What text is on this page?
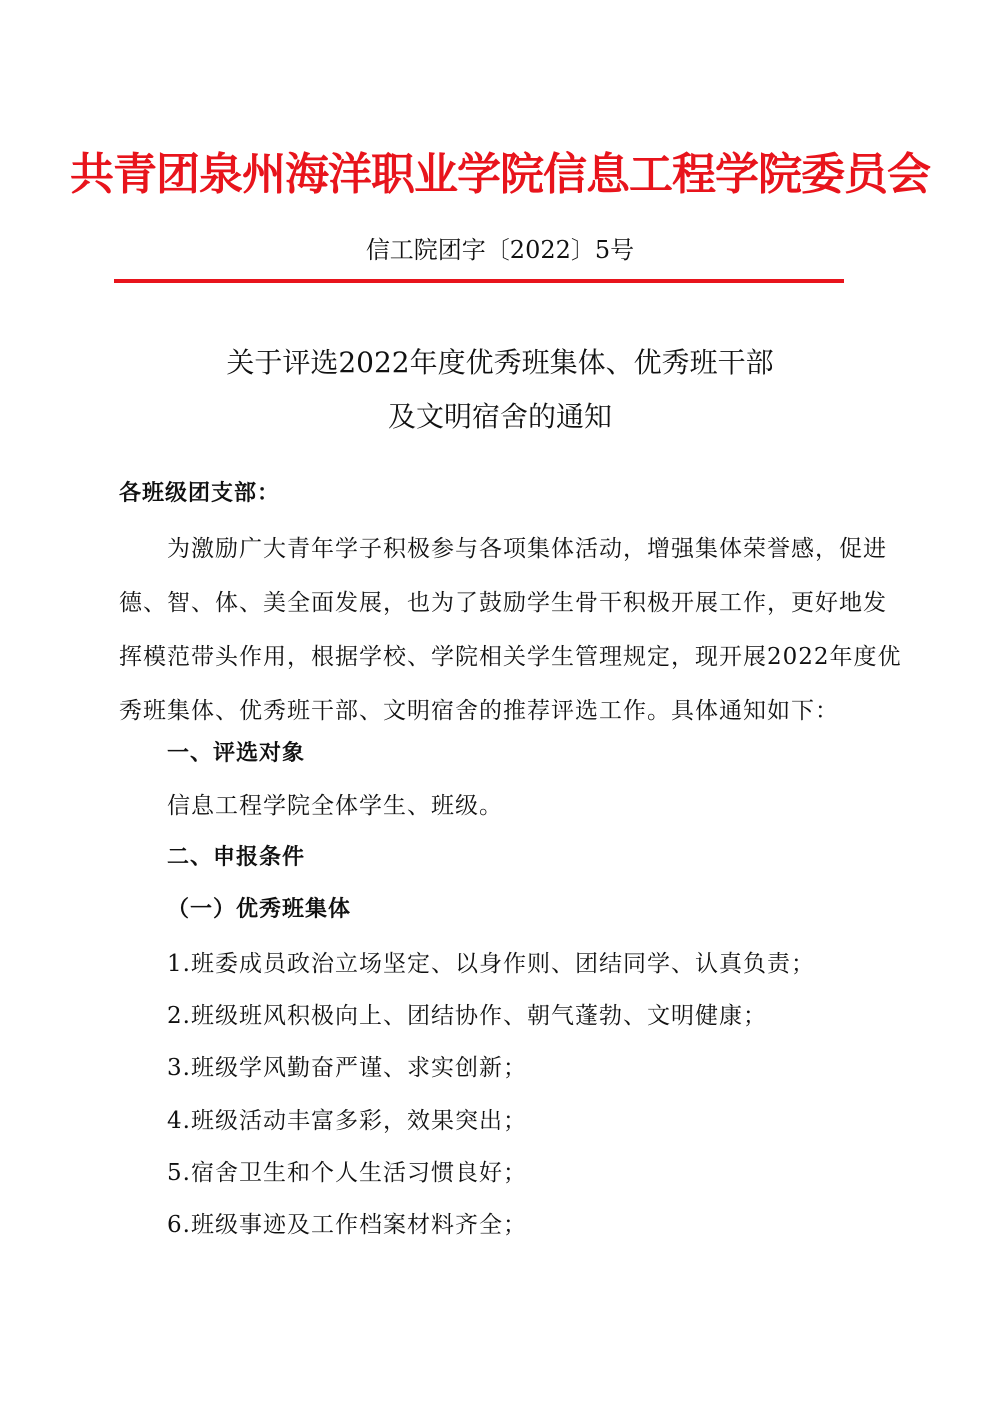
共青团泉州海洋职业学院信息工程学院委员会
信工院团字〔2022〕5号
关于评选2022年度优秀班集体、优秀班干部
及文明宿舍的通知
各班级团支部：
为激励广大青年学子积极参与各项集体活动，增强集体荣誉感，促进
德、智、体、美全面发展，也为了鼓励学生骨干积极开展工作，更好地发
挥模范带头作用，根据学校、学院相关学生管理规定，现开展2022年度优
秀班集体、优秀班干部、文明宿舍的推荐评选工作。具体通知如下：
一、评选对象
信息工程学院全体学生、班级。
二、申报条件
（一）优秀班集体
1.班委成员政治立场坚定、以身作则、团结同学、认真负责；
2.班级班风积极向上、团结协作、朝气蓬勃、文明健康；
3.班级学风勤奋严谨、求实创新；
4.班级活动丰富多彩，效果突出；
5.宿舍卫生和个人生活习惯良好；
6.班级事迹及工作档案材料齐全；
